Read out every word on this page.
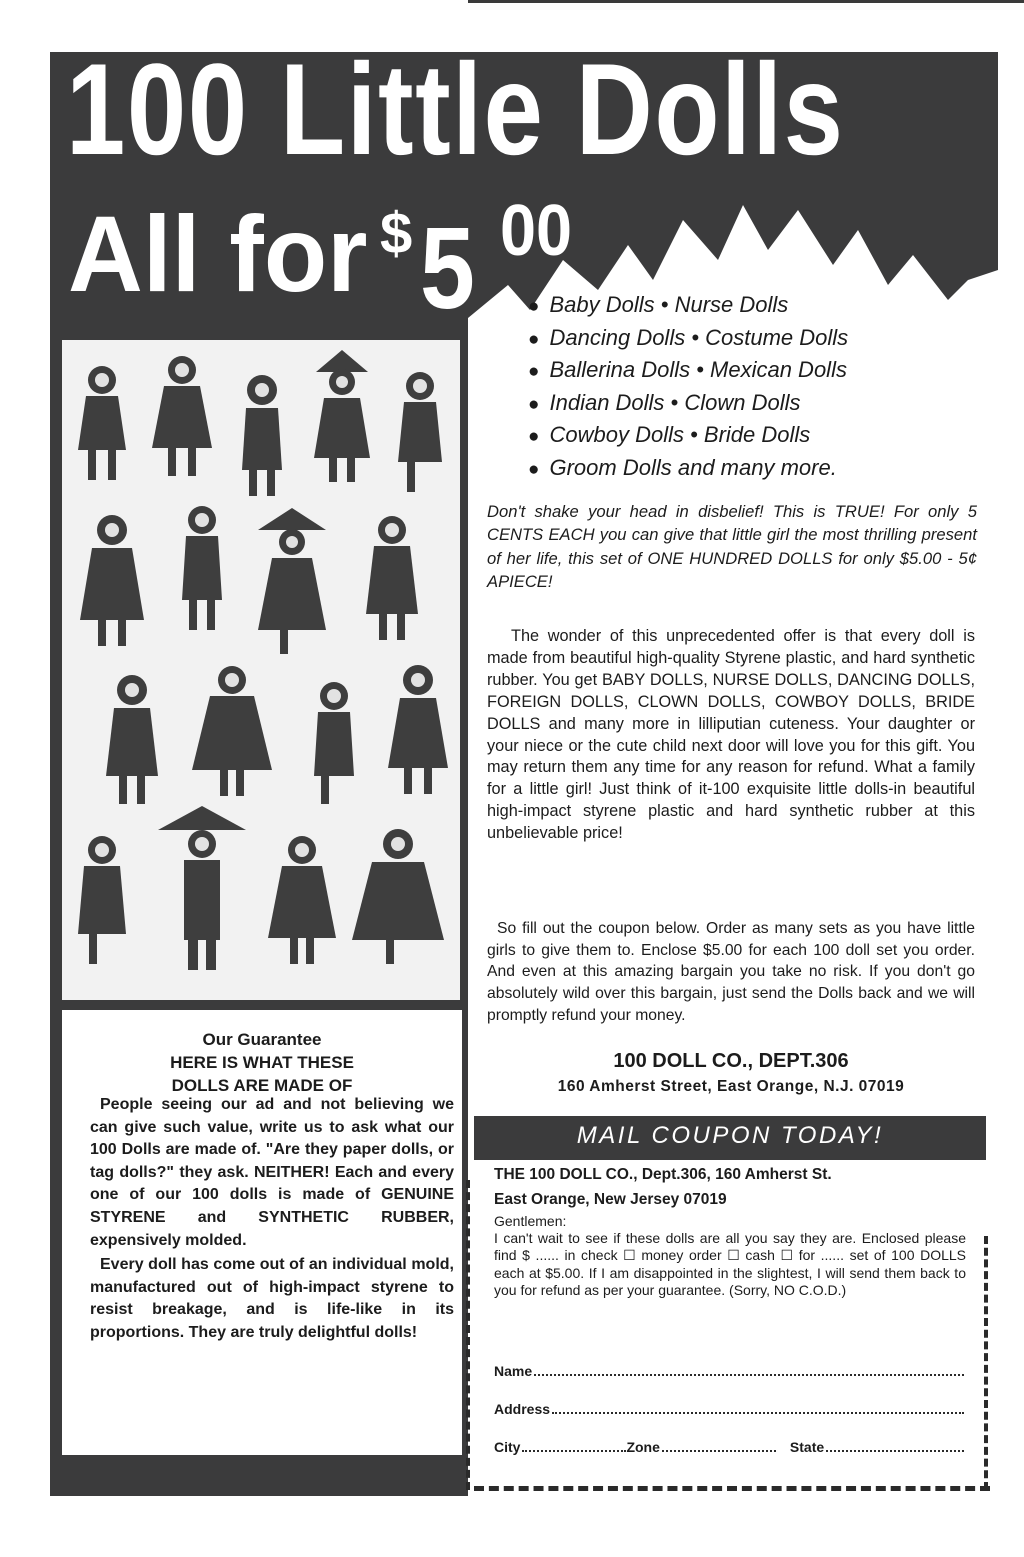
100 Little Dolls
All for $ 5 00
Our Guarantee
HERE IS WHAT THESE
DOLLS ARE MADE OF

People seeing our ad and not believing we can give such value, write us to ask what our 100 Dolls are made of. "Are they paper dolls, or tag dolls?" they ask. NEITHER! Each and every one of our 100 dolls is made of GENUINE STYRENE and SYNTHETIC RUBBER, expensively molded.

Every doll has come out of an individual mold, manufactured out of high-impact styrene to resist breakage, and is life-like in its proportions. They are truly delightful dolls!

● Baby Dolls • Nurse Dolls
● Dancing Dolls • Costume Dolls
● Ballerina Dolls • Mexican Dolls
● Indian Dolls • Clown Dolls
● Cowboy Dolls • Bride Dolls
● Groom Dolls and many more.
Don't shake your head in disbelief! This is TRUE! For only 5 CENTS EACH you can give that little girl the most thrilling present of her life, this set of ONE HUNDRED DOLLS for only $5.00 - 5¢ APIECE!

The wonder of this unprecedented offer is that every doll is made from beautiful high-quality Styrene plastic, and hard synthetic rubber. You get BABY DOLLS, NURSE DOLLS, DANCING DOLLS, FOREIGN DOLLS, CLOWN DOLLS, COWBOY DOLLS, BRIDE DOLLS and many more in lilliputian cuteness. Your daughter or your niece or the cute child next door will love you for this gift. You may return them any time for any reason for refund. What a family for a little girl! Just think of it-100 exquisite little dolls-in beautiful high-impact styrene plastic and hard synthetic rubber at this unbelievable price!

So fill out the coupon below. Order as many sets as you have little girls to give them to. Enclose $5.00 for each 100 doll set you order. And even at this amazing bargain you take no risk. If you don't go absolutely wild over this bargain, just send the Dolls back and we will promptly refund your money.

100 DOLL CO., DEPT.306
160 Amherst Street, East Orange, N.J. 07019
MAIL COUPON TODAY!
THE 100 DOLL CO., Dept.306, 160 Amherst St.
East Orange, New Jersey 07019
Gentlemen:
I can't wait to see if these dolls are all you say they are. Enclosed please find $ ...... in check ☐ money order ☐ cash ☐ for ...... set of 100 DOLLS each at $5.00. If I am disappointed in the slightest, I will send them back to you for refund as per your guarantee. (Sorry, NO C.O.D.)
Name
Address
City	Zone	State
